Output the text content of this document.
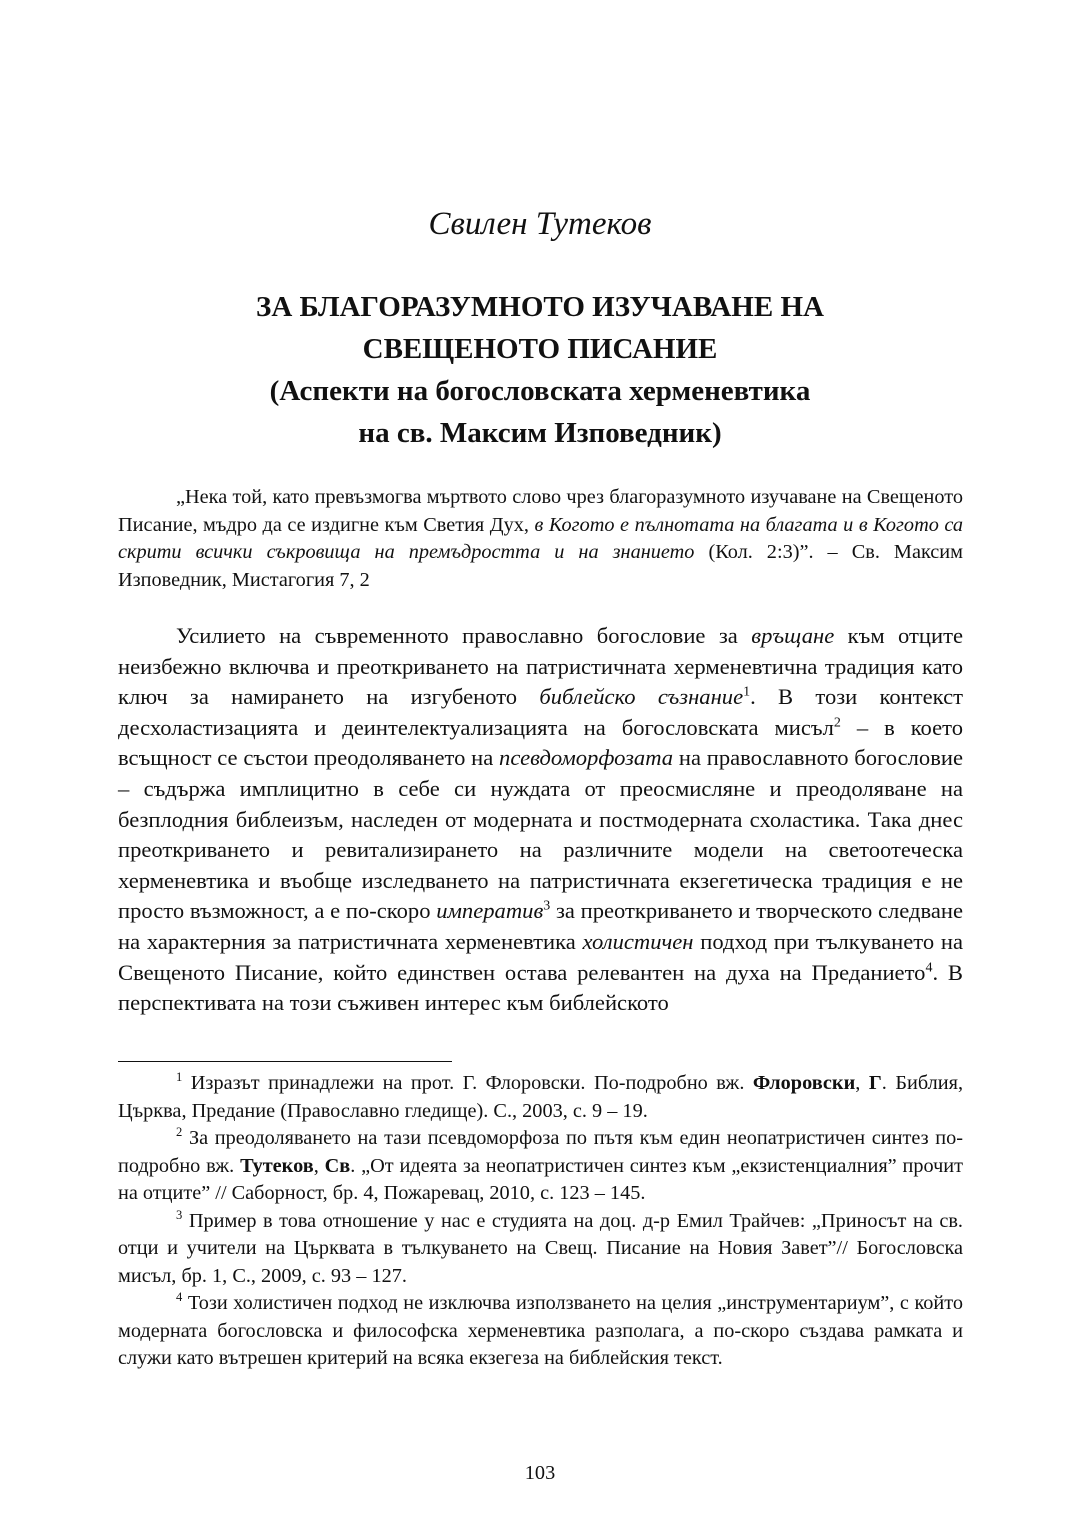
Свилен Тутеков
ЗА БЛАГОРАЗУМНОТО ИЗУЧАВАНЕ НА
СВЕЩЕНОТО ПИСАНИЕ
(Аспекти на богословската херменевтика
на св. Максим Изповедник)
„Нека той, като превъзмогва мъртвото слово чрез благоразумното изучаване на Свещеното Писание, мъдро да се издигне към Светия Дух, в Когото е пълнотата на благата и в Когото са скрити всички съкровища на премъдростта и на знанието (Кол. 2:3)”. – Св. Максим Изповедник, Мистагогия 7, 2
Усилието на съвременното православно богословие за връщане към отците неизбежно включва и преоткриването на патристичната херменевтична традиция като ключ за намирането на изгубеното библейско съзнание$^1$. В този контекст десхоластизацията и деинтелектуализацията на богословската мисъл$^2$ – в което всъщност се състои преодоляването на псевдоморфозата на православното богословие – съдържа имплицитно в себе си нуждата от преосмисляне и преодоляване на безплодния библеизъм, наследен от модерната и постмодерната схоластика. Така днес преоткриването и ревитализирането на различните модели на светоотеческа херменевтика и въобще изследването на патристичната екзегетическа традиция е не просто възможност, а е по-скоро императив$^3$ за преоткриването и творческото следване на характерния за патристичната херменевтика холистичен подход при тълкуването на Свещеното Писание, който единствен остава релевантен на духа на Преданието$^4$. В перспективата на този съживен интерес към библейското

$^1$ Изразът принадлежи на прот. Г. Флоровски. По-подробно вж. Флоровски, Г. Библия, Църква, Предание (Православно гледище). С., 2003, с. 9 – 19.

$^2$ За преодоляването на тази псевдоморфоза по пътя към един неопатристичен синтез по-подробно вж. Тутеков, Св. „От идеята за неопатристичен синтез към „екзистенциалния” прочит на отците” // Саборност, бр. 4, Пожаревац, 2010, с. 123 – 145.

$^3$ Пример в това отношение у нас е студията на доц. д-р Емил Трайчев: „Приносът на св. отци и учители на Църквата в тълкуването на Свещ. Писание на Новия Завет”// Богословска мисъл, бр. 1, С., 2009, с. 93 – 127.

$^4$ Този холистичен подход не изключва използването на целия „инструментариум”, с който модерната богословска и философска херменевтика разполага, а по-скоро създава рамката и служи като вътрешен критерий на всяка екзегеза на библейския текст.

103
